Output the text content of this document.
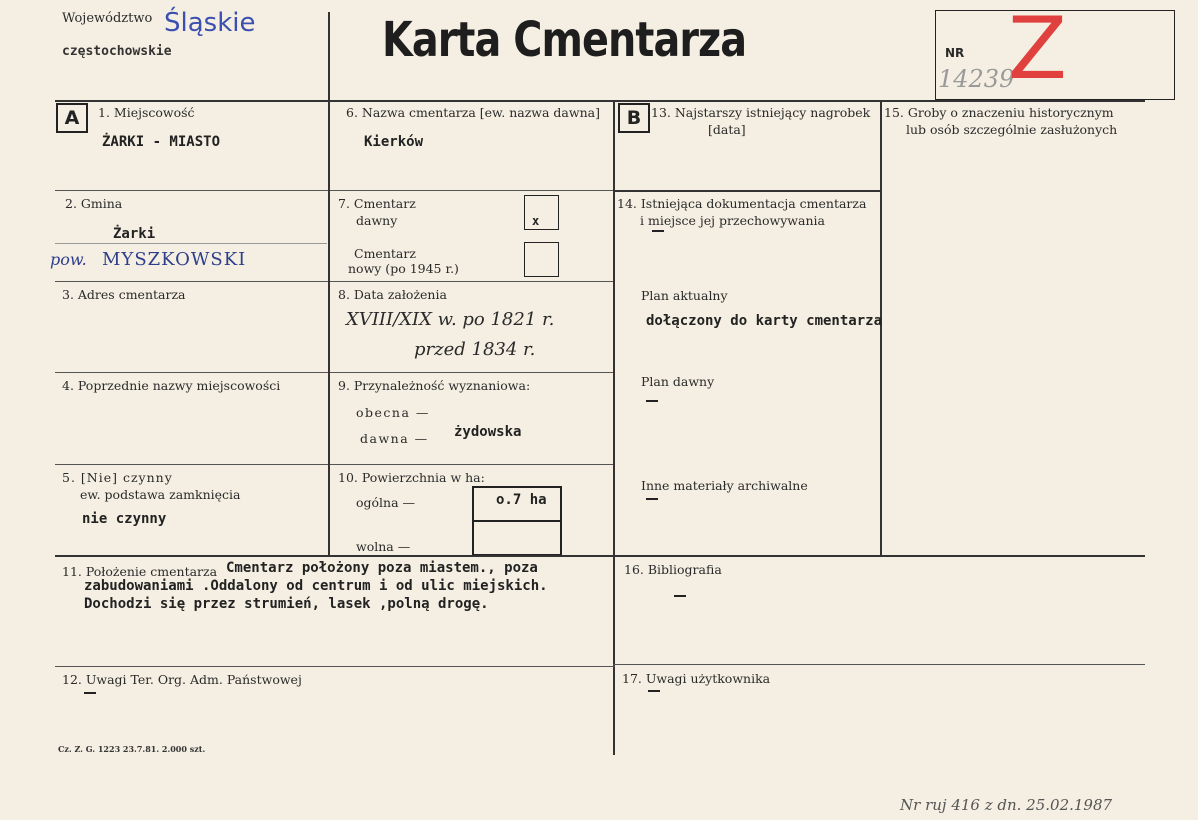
Województwo Śląskie
częstochowskie	Karta Cmentarza	NR
14239
Z
A	1. Miejscowość
ŻARKI - MIASTO
2. Gmina
Żarki
pow. MYSZKOWSKI
3. Adres cmentarza
4. Poprzednie nazwy miejscowości
5. [Nie] czynny
ew. podstawa zamknięcia
nie czynny
6. Nazwa cmentarza [ew. nazwa dawna]
Kierków
7. Cmentarz
dawny	x
Cmentarz
nowy (po 1945 r.)
8. Data założenia
XVIII/XIX w. po 1821 r.
przed 1834 r.
9. Przynależność wyznaniowa:
obecna —
dawna — żydowska
10. Powierzchnia w ha:
ogólna —	o.7 ha
wolna —
B 13. Najstarszy istniejący nagrobek
[data]
14. Istniejąca dokumentacja cmentarza
i miejsce jej przechowywania
Plan aktualny
dołączony do karty cmentarza
Plan dawny
Inne materiały archiwalne
15. Groby o znaczeniu historycznym
lub osób szczególnie zasłużonych
11. Położenie cmentarza Cmentarz położony poza miastem., poza
zabudowaniami .Oddalony od centrum i od ulic miejskich.
Dochodzi się przez strumień, lasek ,polną drogę.
12. Uwagi Ter. Org. Adm. Państwowej
16. Bibliografia
17. Uwagi użytkownika
Cz. Z. G. 1223 23.7.81. 2.000 szt.
Nr ruj 416 z dn. 25.02.1987
